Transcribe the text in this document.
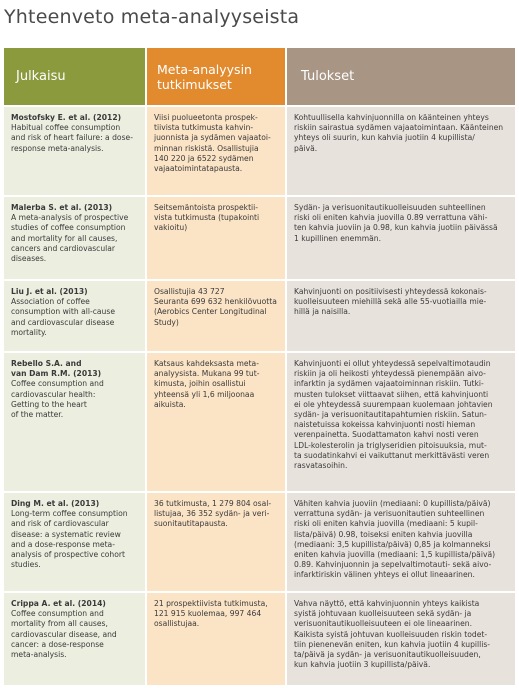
Yhteenveto meta-analyyseista
Julkaisu	Meta-analyysin tutkimukset	Tulokset
Mostofsky E. et al. (2012)
Habitual coffee consumption
and risk of heart failure: a dose-
response meta-analysis.
Viisi puolueetonta prospek-
tiivista tutkimusta kahvin-
juonnista ja sydämen vajaatoi-
minnan riskistä. Osallistujia
140 220 ja 6522 sydämen
vajaatoimintatapausta.
Kohtuullisella kahvinjuonnilla on käänteinen yhteys
riskiin sairastua sydämen vajaatoimintaan. Käänteinen yhteys oli suurin, kun kahvia juotiin 4 kupillista/
päivä.
Malerba S. et al. (2013)
A meta-analysis of prospective
studies of coffee consumption
and mortality for all causes,
cancers and cardiovascular
diseases.
Seitsemäntoista prospektii-
vista tutkimusta (tupakointi
vakioitu)
Sydän- ja verisuonitautikuolleisuuden suhteellinen
riski oli eniten kahvia juovilla 0.89 verrattuna vähi-
ten kahvia juoviin ja 0.98, kun kahvia juotiin päivässä
1 kupillinen enemmän.
Liu J. et al. (2013)
Association of coffee
consumption with all-cause
and cardiovascular disease
mortality.
Osallistujia 43 727
Seuranta 699 632 henkilövuotta
(Aerobics Center Longitudinal
Study)
Kahvinjuonti on positiivisesti yhteydessä kokonais-
kuolleisuuteen miehillä sekä alle 55-vuotiailla mie-
hillä ja naisilla.
Rebello S.A. and
van Dam R.M. (2013)
Coffee consumption and
cardiovascular health:
Getting to the heart
of the matter.
Katsaus kahdeksasta meta-
analyysista. Mukana 99 tut-
kimusta, joihin osallistui
yhteensä yli 1,6 miljoonaa
aikuista.
Kahvinjuonti ei ollut yhteydessä sepelvaltimotaudin
riskiin ja oli heikosti yhteydessä pienempään aivo-
infarktin ja sydämen vajaatoiminnan riskiin. Tutki-
musten tulokset viittaavat siihen, että kahvinjuonti
ei ole yhteydessä suurempaan kuolemaan johtavien
sydän- ja verisuonitautitapahtumien riskiin. Satun-
naistetuissa kokeissa kahvinjuonti nosti hieman
verenpainetta. Suodattamaton kahvi nosti veren
LDL-kolesterolin ja triglyseridien pitoisuuksia, mut-
ta suodatinkahvi ei vaikuttanut merkittävästi veren
rasvatasoihin.
Ding M. et al. (2013)
Long-term coffee consumption
and risk of cardiovascular
disease: a systematic review
and a dose-response meta-
analysis of prospective cohort
studies.
36 tutkimusta, 1 279 804 osal-
listujaa, 36 352 sydän- ja veri-
suonitautitapausta.
Vähiten kahvia juoviin (mediaani: 0 kupillista/päivä)
verrattuna sydän- ja verisuonitautien suhteellinen
riski oli eniten kahvia juovilla (mediaani: 5 kupil-
lista/päivä) 0.98, toiseksi eniten kahvia juovilla
(mediaani: 3,5 kupillista/päivä) 0,85 ja kolmanneksi
eniten kahvia juovilla (mediaani: 1,5 kupillista/päivä)
0.89. Kahvinjuonnin ja sepelvaltimotauti- sekä aivo-
infarktiriskin välinen yhteys ei ollut lineaarinen.
Crippa A. et al. (2014)
Coffee consumption and
mortality from all causes,
cardiovascular disease, and
cancer: a dose-response
meta-analysis.
21 prospektiivista tutkimusta,
121 915 kuolemaa, 997 464
osallistujaa.
Vahva näyttö, että kahvinjuonnin yhteys kaikista
syistä johtuvaan kuolleisuuteen sekä sydän- ja
verisuonitautikuolleisuuteen ei ole lineaarinen.
Kaikista syistä johtuvan kuolleisuuden riskin todet-
tiin pienenevän eniten, kun kahvia juotiin 4 kupillis-
ta/päivä ja sydän- ja verisuonitautikuolleisuuden,
kun kahvia juotiin 3 kupillista/päivä.
